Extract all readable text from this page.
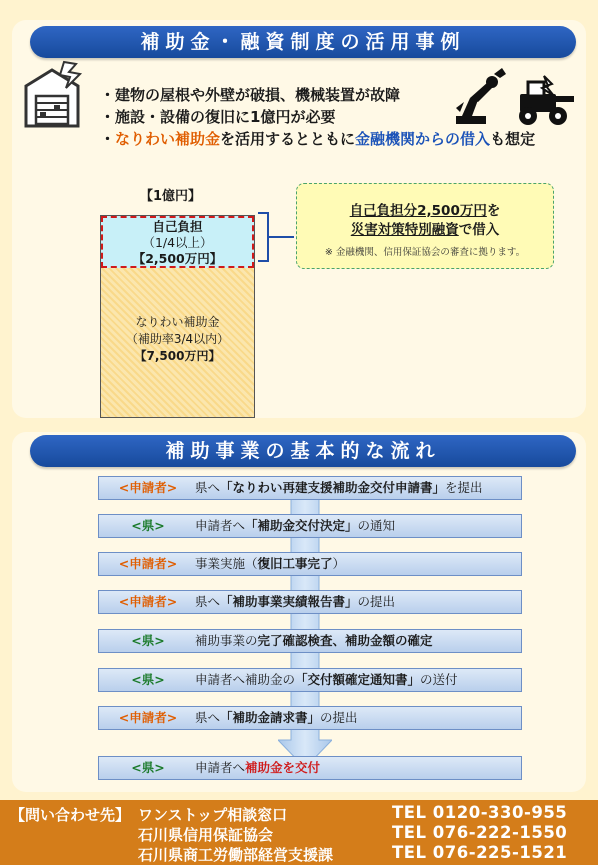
補助金・融資制度の活用事例
・建物の屋根や外壁が破損、機械装置が故障
・施設・設備の復旧に1億円が必要
・なりわい補助金を活用するとともに金融機関からの借入も想定
【1億円】
自己負担
（1/4以上）
【2,500万円】
なりわい補助金
（補助率3/4以内）
【7,500万円】
自己負担分2,500万円を
災害対策特別融資で借入
※ 金融機関、信用保証協会の審査に拠ります。
補助事業の基本的な流れ
<申請者>	県へ「なりわい再建支援補助金交付申請書」を提出
<県>	申請者へ「補助金交付決定」の通知
<申請者>	事業実施（復旧工事完了）
<申請者>	県へ「補助事業実績報告書」の提出
<県>	補助事業の完了確認検査、補助金額の確定
<県>	申請者へ補助金の「交付額確定通知書」の送付
<申請者>	県へ「補助金請求書」の提出
<県>	申請者へ補助金を交付
【問い合わせ先】 ワンストップ相談窓口	TEL 0120-330-955
石川県信用保証協会	TEL 076-222-1550
石川県商工労働部経営支援課	TEL 076-225-1521
